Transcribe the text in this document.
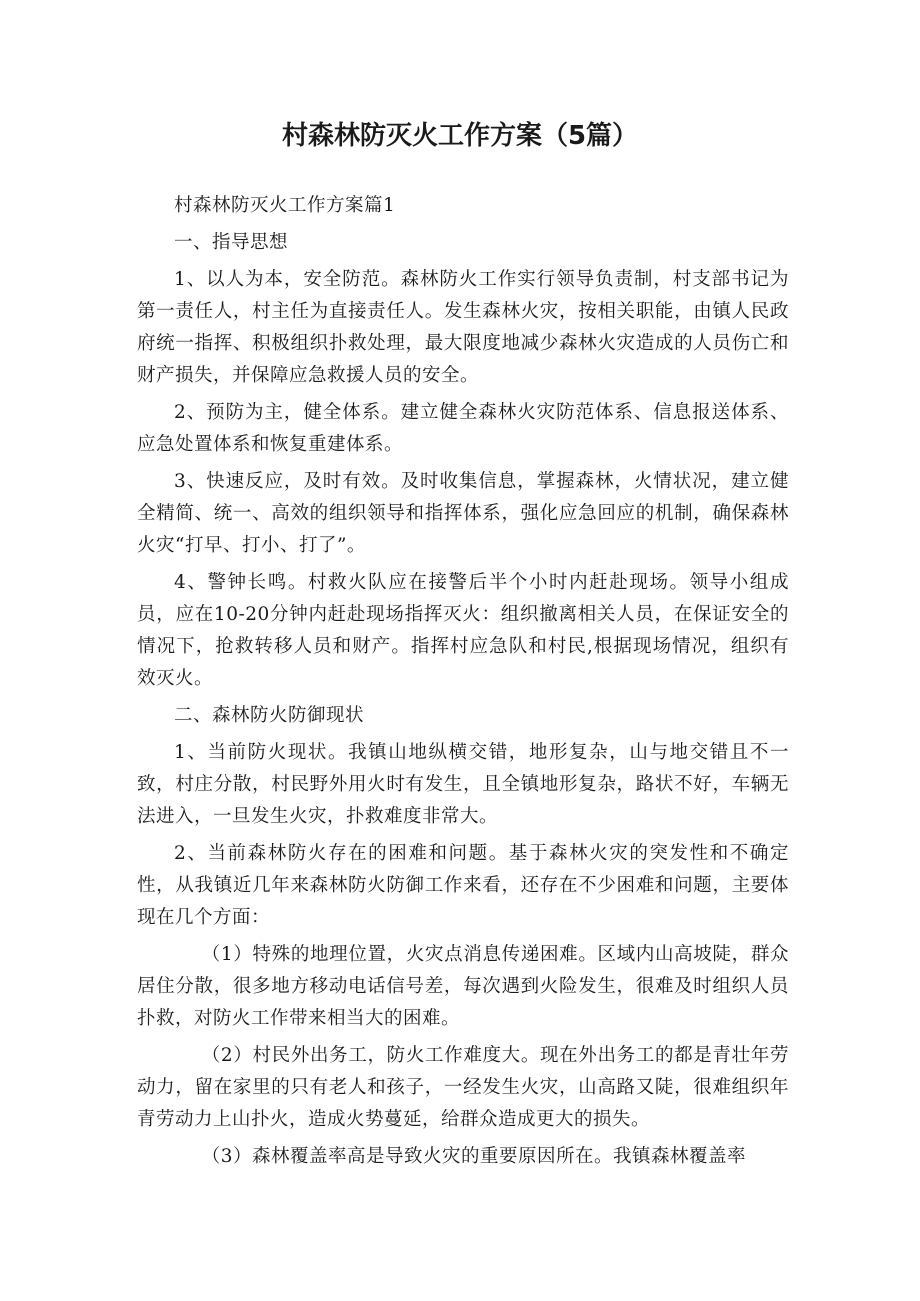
村森林防灭火工作方案（5篇）

村森林防灭火工作方案篇1

一、指导思想

1、以人为本，安全防范。森林防火工作实行领导负责制，村支部书记为第一责任人，村主任为直接责任人。发生森林火灾，按相关职能，由镇人民政府统一指挥、积极组织扑救处理，最大限度地减少森林火灾造成的人员伤亡和财产损失，并保障应急救援人员的安全。

2、预防为主，健全体系。建立健全森林火灾防范体系、信息报送体系、应急处置体系和恢复重建体系。

3、快速反应，及时有效。及时收集信息，掌握森林，火情状况，建立健全精简、统一、高效的组织领导和指挥体系，强化应急回应的机制，确保森林火灾“打早、打小、打了”。

4、警钟长鸣。村救火队应在接警后半个小时内赶赴现场。领导小组成员，应在10-20分钟内赶赴现场指挥灭火：组织撤离相关人员，在保证安全的情况下，抢救转移人员和财产。指挥村应急队和村民,根据现场情况，组织有效灭火。

二、森林防火防御现状

1、当前防火现状。我镇山地纵横交错，地形复杂，山与地交错且不一致，村庄分散，村民野外用火时有发生，且全镇地形复杂，路状不好，车辆无法进入，一旦发生火灾，扑救难度非常大。

2、当前森林防火存在的困难和问题。基于森林火灾的突发性和不确定性，从我镇近几年来森林防火防御工作来看，还存在不少困难和问题，主要体现在几个方面：

（1）特殊的地理位置，火灾点消息传递困难。区域内山高坡陡，群众居住分散，很多地方移动电话信号差，每次遇到火险发生，很难及时组织人员扑救，对防火工作带来相当大的困难。

（2）村民外出务工，防火工作难度大。现在外出务工的都是青壮年劳动力，留在家里的只有老人和孩子，一经发生火灾，山高路又陡，很难组织年青劳动力上山扑火，造成火势蔓延，给群众造成更大的损失。

（3）森林覆盖率高是导致火灾的重要原因所在。我镇森林覆盖率
